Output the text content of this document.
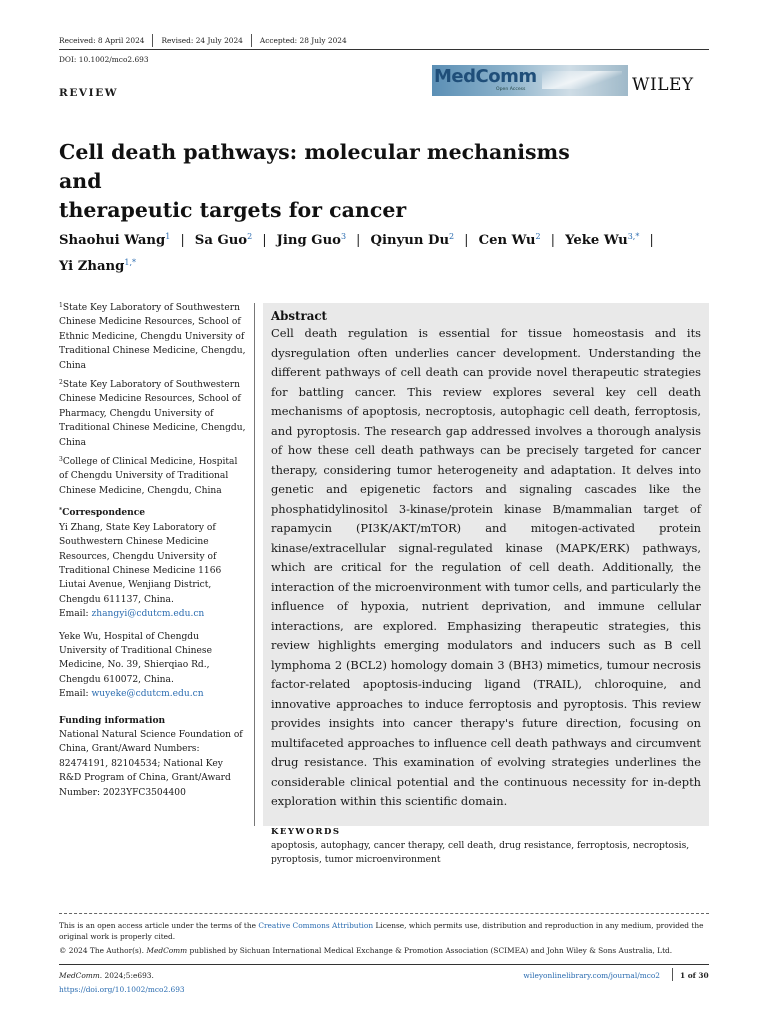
Received: 8 April 2024 Revised: 24 July 2024 Accepted: 28 July 2024
DOI: 10.1002/mco2.693
MedComm
Open Access	WILEY
REVIEW
Cell death pathways: molecular mechanisms and
therapeutic targets for cancer
Shaohui Wang$^1$ | Sa Guo$^2$ | Jing Guo$^3$ | Qinyun Du$^2$ | Cen Wu$^2$ | Yeke $Wu^{3,*}$ |
Yi Zhang$^{1,*}$
$^1$State Key Laboratory of Southwestern Chinese Medicine Resources, School of Ethnic Medicine, Chengdu University of Traditional Chinese Medicine, Chengdu, China
$^2$State Key Laboratory of Southwestern Chinese Medicine Resources, School of Pharmacy, Chengdu University of Traditional Chinese Medicine, Chengdu, China
$^3$College of Clinical Medicine, Hospital of Chengdu University of Traditional Chinese Medicine, Chengdu, China
*Correspondence
Yi Zhang, State Key Laboratory of Southwestern Chinese Medicine Resources, Chengdu University of Traditional Chinese Medicine 1166 Liutai Avenue, Wenjiang District, Chengdu 611137, China.
Email: zhangyi@cdutcm.edu.cn
Yeke Wu, Hospital of Chengdu University of Traditional Chinese Medicine, No. 39, Shierqiao Rd., Chengdu 610072, China.
Email: wuyeke@cdutcm.edu.cn
Funding information
National Natural Science Foundation of China, Grant/Award Numbers: 82474191, 82104534; National Key R&D Program of China, Grant/Award Number: 2023YFC3504400
Abstract
Cell death regulation is essential for tissue homeostasis and its dysregulation often underlies cancer development. Understanding the different pathways of cell death can provide novel therapeutic strategies for battling cancer. This review explores several key cell death mechanisms of apoptosis, necroptosis, autophagic cell death, ferroptosis, and pyroptosis. The research gap addressed involves a thorough analysis of how these cell death pathways can be precisely targeted for cancer therapy, considering tumor heterogeneity and adaptation. It delves into genetic and epigenetic factors and signaling cascades like the phosphatidylinositol 3-kinase/protein kinase B/mammalian target of rapamycin (PI3K/AKT/mTOR) and mitogen-activated protein kinase/extracellular signal-regulated kinase (MAPK/ERK) pathways, which are critical for the regulation of cell death. Additionally, the interaction of the microenvironment with tumor cells, and particularly the influence of hypoxia, nutrient deprivation, and immune cellular interactions, are explored. Emphasizing therapeutic strategies, this review highlights emerging modulators and inducers such as B cell lymphoma 2 (BCL2) homology domain 3 (BH3) mimetics, tumour necrosis factor-related apoptosis-inducing ligand (TRAIL), chloroquine, and innovative approaches to induce ferroptosis and pyroptosis. This review provides insights into cancer therapy's future direction, focusing on multifaceted approaches to influence cell death pathways and circumvent drug resistance. This examination of evolving strategies underlines the considerable clinical potential and the continuous necessity for in-depth exploration within this scientific domain.
KEYWORDS
apoptosis, autophagy, cancer therapy, cell death, drug resistance, ferroptosis, necroptosis, pyroptosis, tumor microenvironment
This is an open access article under the terms of the Creative Commons Attribution License, which permits use, distribution and reproduction in any medium, provided the original work is properly cited.
© 2024 The Author(s). MedComm published by Sichuan International Medical Exchange & Promotion Association (SCIMEA) and John Wiley & Sons Australia, Ltd.
MedComm. 2024;5:e693.
https://doi.org/10.1002/mco2.693
wileyonlinelibrary.com/journal/mco2	1 of 30
